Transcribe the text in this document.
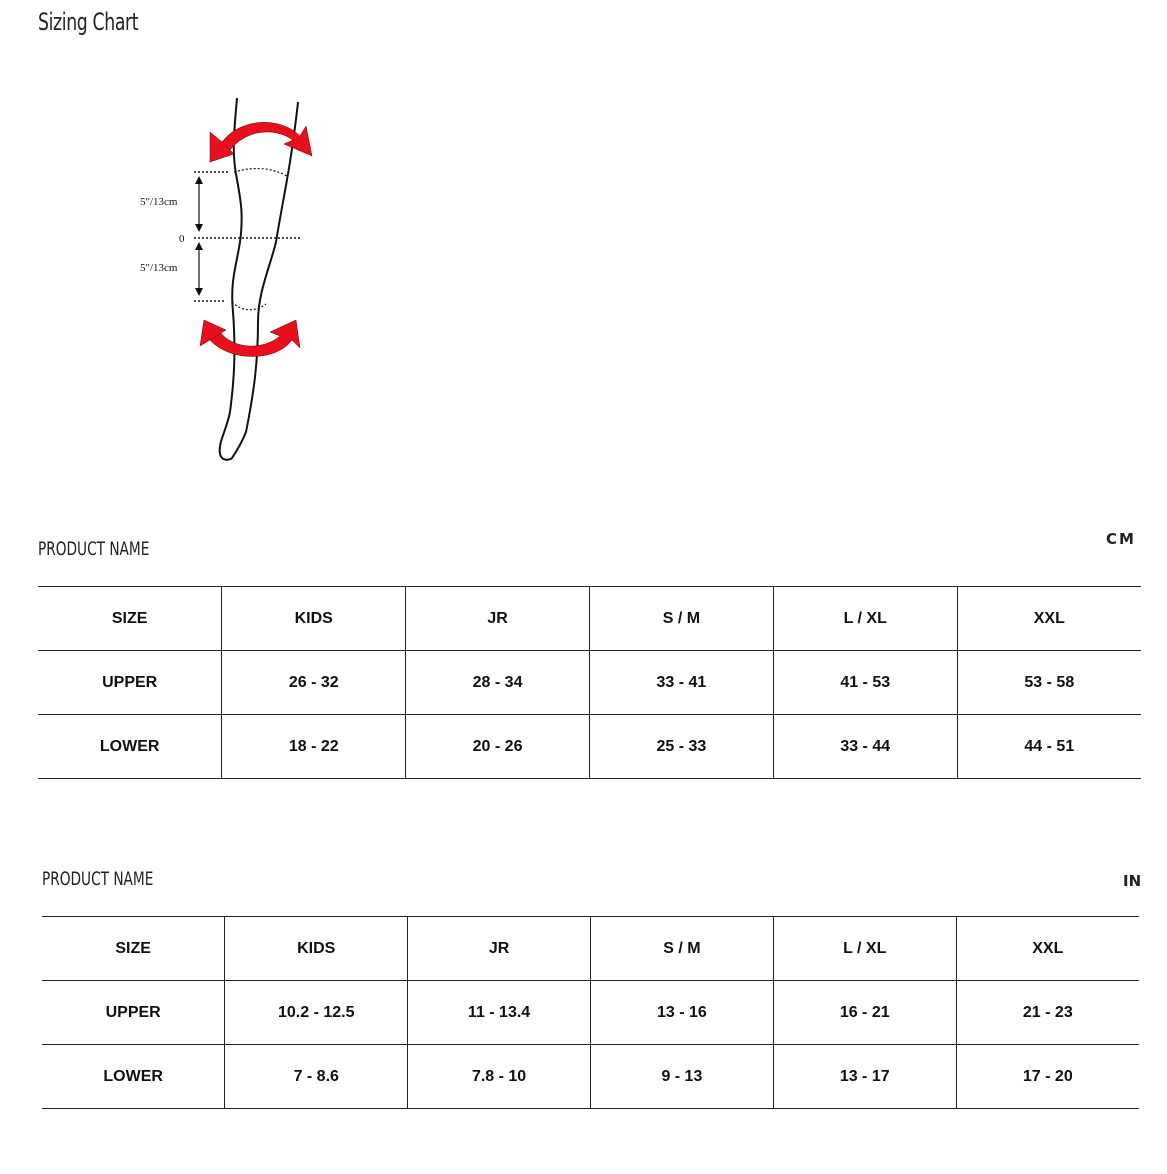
Sizing Chart
5"/13cm
0
5"/13cm
PRODUCT NAME	CM
SIZE	KIDS	JR	S / M	L / XL	XXL
UPPER	26 - 32	28 - 34	33 - 41	41 - 53	53 - 58
LOWER	18 - 22	20 - 26	25 - 33	33 - 44	44 - 51
PRODUCT NAME	IN
SIZE	KIDS	JR	S / M	L / XL	XXL
UPPER	10.2 - 12.5	11 - 13.4	13 - 16	16 - 21	21 - 23
LOWER	7 - 8.6	7.8 - 10	9 - 13	13 - 17	17 - 20
